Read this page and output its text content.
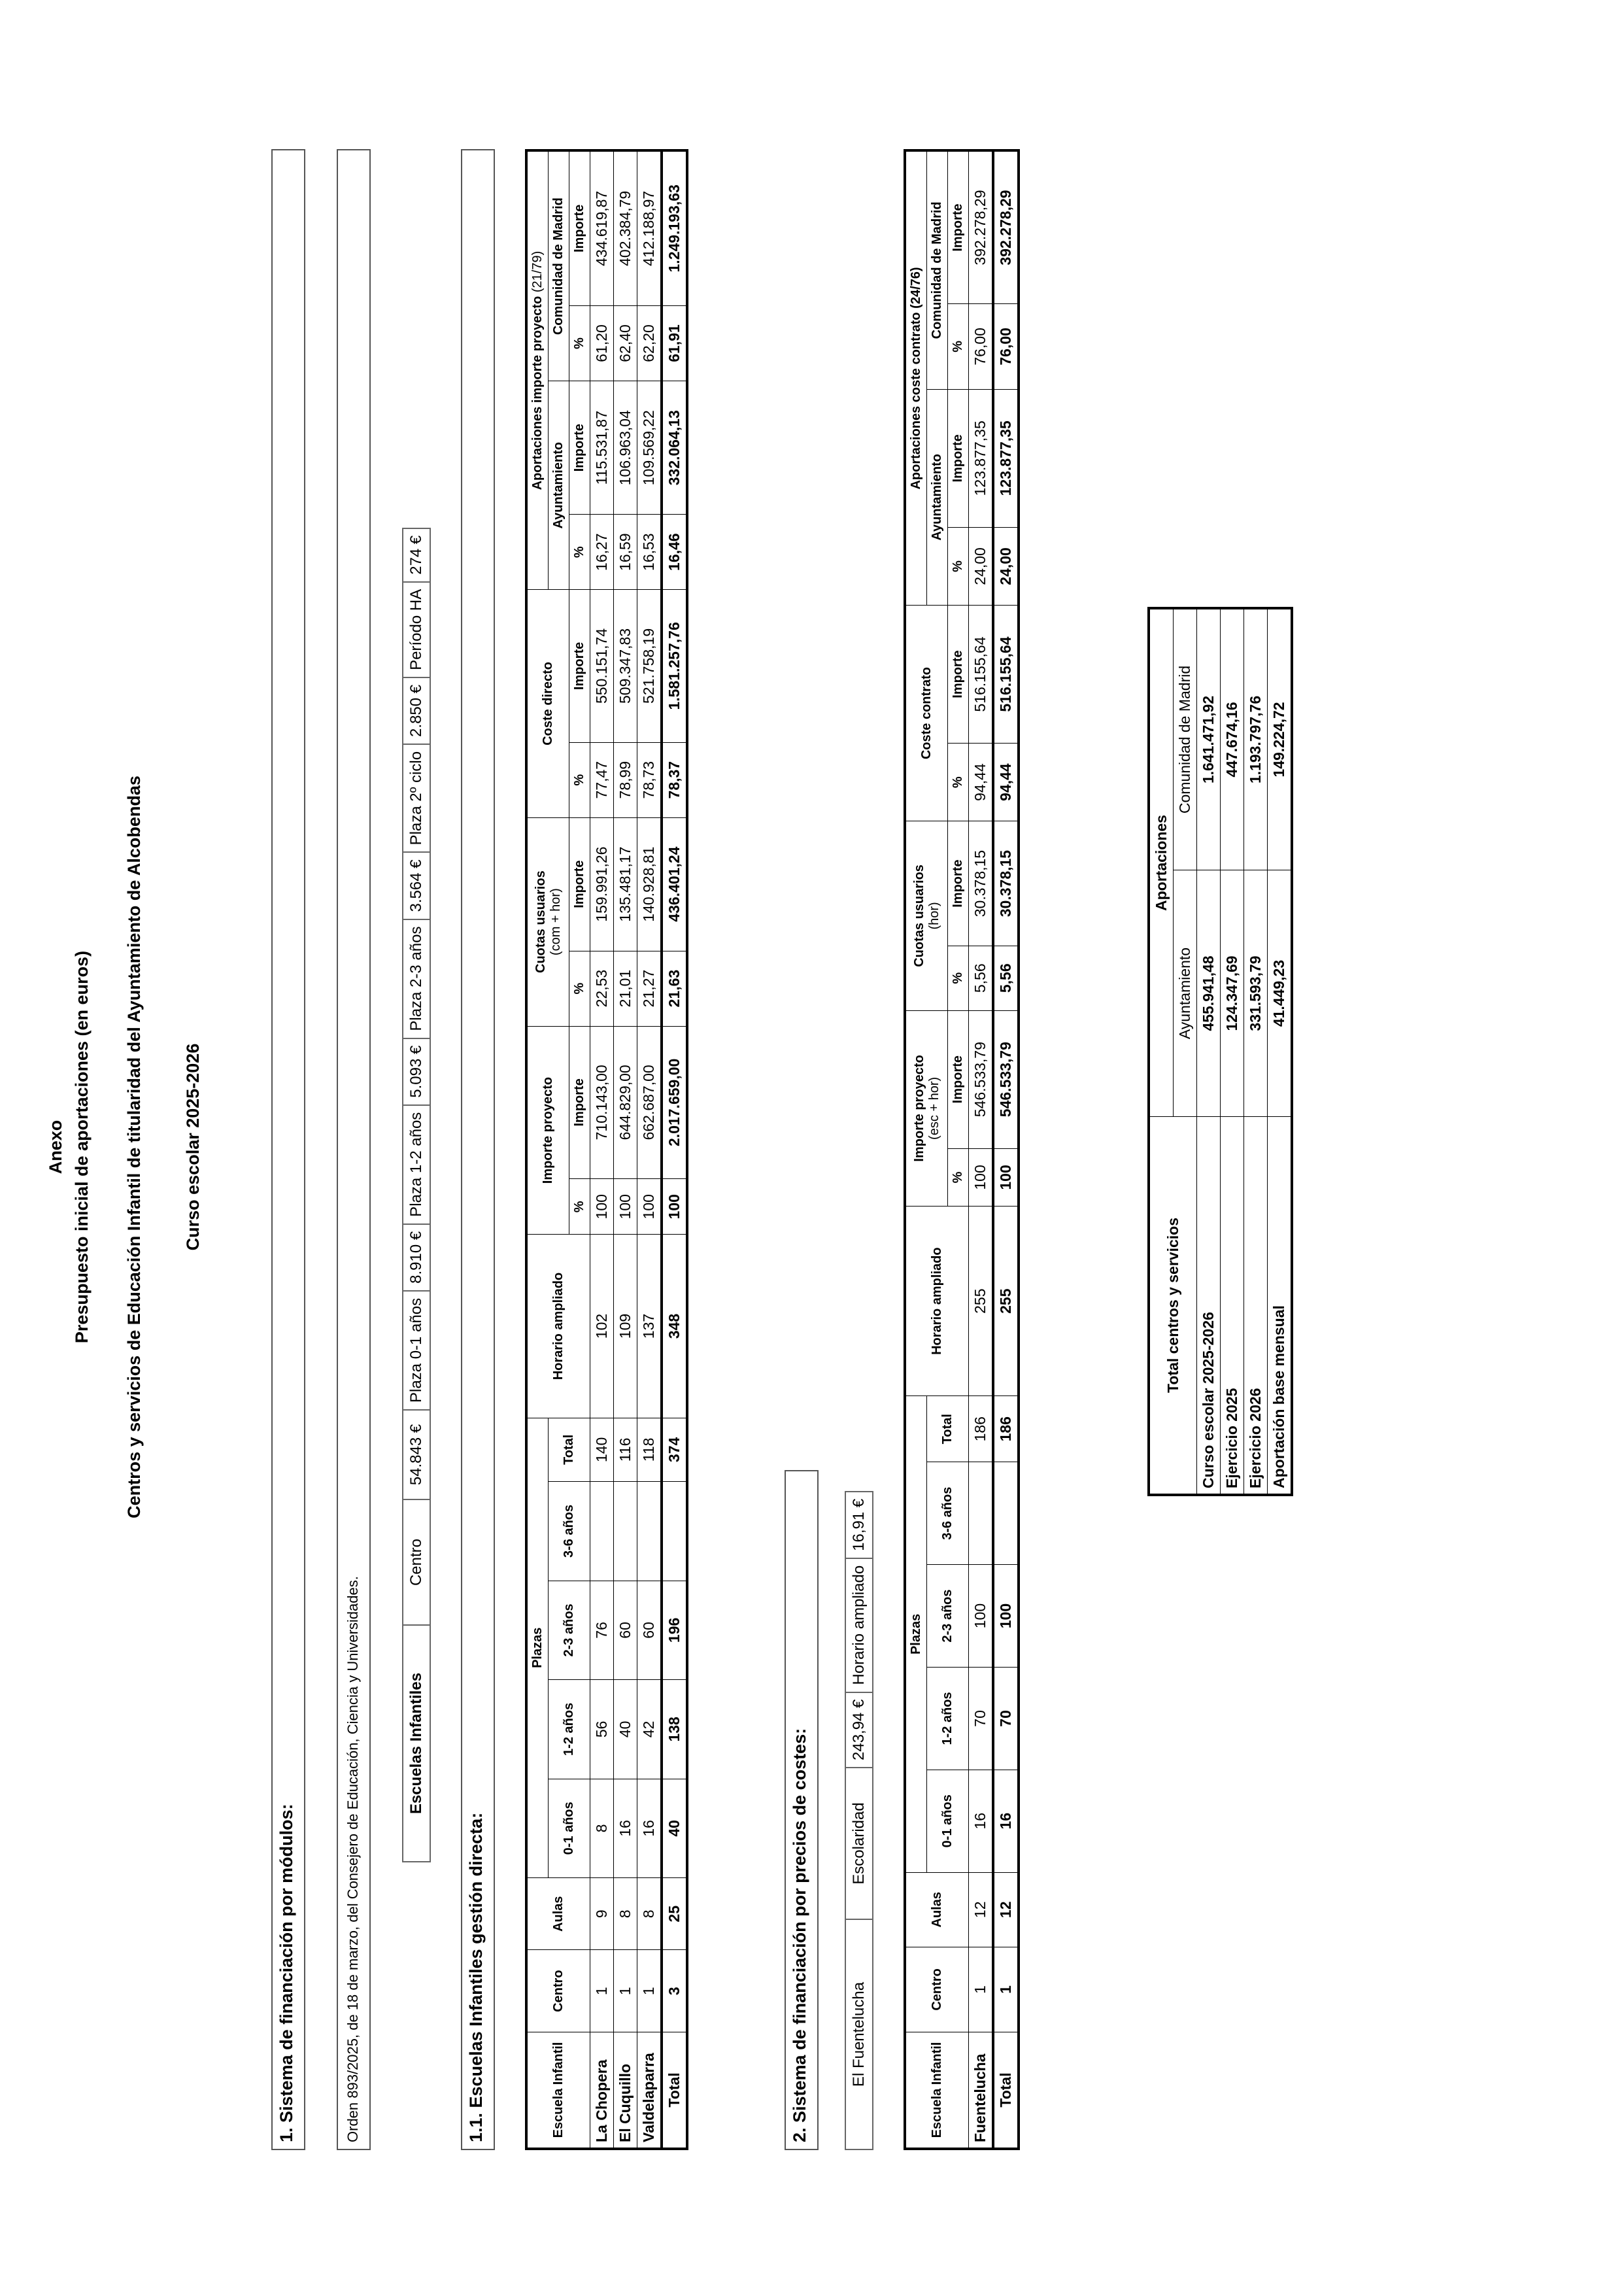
Anexo Presupuesto inicial de aportaciones (en euros) Centros y servicios de Educación Infantil de titularidad del Ayuntamiento de Alcobendas Curso escolar 2025-2026
1. Sistema de financiación por módulos:	Orden 893/2025, de 18 de marzo, del Consejero de Educación, Ciencia y Universidades.	Escuelas Infantiles	Centro	54.843 €	Plaza 0-1 años	8.910 €	Plaza 1-2 años	5.093 €	Plaza 2-3 años	3.564 €	Plaza 2º ciclo	2.850 €	Período HA	274 €
1.1. Escuelas Infantiles gestión directa:	Escuela Infantil	Centro	Aulas	Plazas					Horario ampliado	Importe proyecto		Cuotas usuarios
(com + hor)		Coste directo		Aportaciones importe proyecto (21/79)			
			0-1 años	1-2 años	2-3 años	3-6 años	Total								Ayuntamiento		Comunidad de Madrid	
									%	Importe	%	Importe	%	Importe	%	Importe	%	Importe
La Chopera	1	9	8	56	76		140	102	100	710.143,00	22,53	159.991,26	77,47	550.151,74	16,27	115.531,87	61,20	434.619,87
El Cuquillo	1	8	16	40	60		116	109	100	644.829,00	21,01	135.481,17	78,99	509.347,83	16,59	106.963,04	62,40	402.384,79
Valdelaparra	1	8	16	42	60		118	137	100	662.687,00	21,27	140.928,81	78,73	521.758,19	16,53	109.569,22	62,20	412.188,97
Total	3	25	40	138	196		374	348	100	2.017.659,00	21,63	436.401,24	78,37	1.581.257,76	16,46	332.064,13	61,91	1.249.193,63
2. Sistema de financiación por precios de costes:	El Fuentelucha	Escolaridad	243,94 €	Horario ampliado	16,91 €
Escuela Infantil	Centro	Aulas	Plazas					Horario ampliado	Importe proyecto
(esc + hor)		Cuotas usuarios
(hor)		Coste contrato		Aportaciones coste contrato (24/76)			
			0-1 años	1-2 años	2-3 años	3-6 años	Total								Ayuntamiento		Comunidad de Madrid	
									%	Importe	%	Importe	%	Importe	%	Importe	%	Importe
Fuentelucha	1	12	16	70	100		186	255	100	546.533,79	5,56	30.378,15	94,44	516.155,64	24,00	123.877,35	76,00	392.278,29
Total	1	12	16	70	100		186	255	100	546.533,79	5,56	30.378,15	94,44	516.155,64	24,00	123.877,35	76,00	392.278,29
Total centros y servicios	Aportaciones	
	Ayuntamiento	Comunidad de Madrid
Curso escolar 2025-2026	455.941,48	1.641.471,92
Ejercicio 2025	124.347,69	447.674,16
Ejercicio 2026	331.593,79	1.193.797,76
Aportación base mensual	41.449,23	149.224,72
